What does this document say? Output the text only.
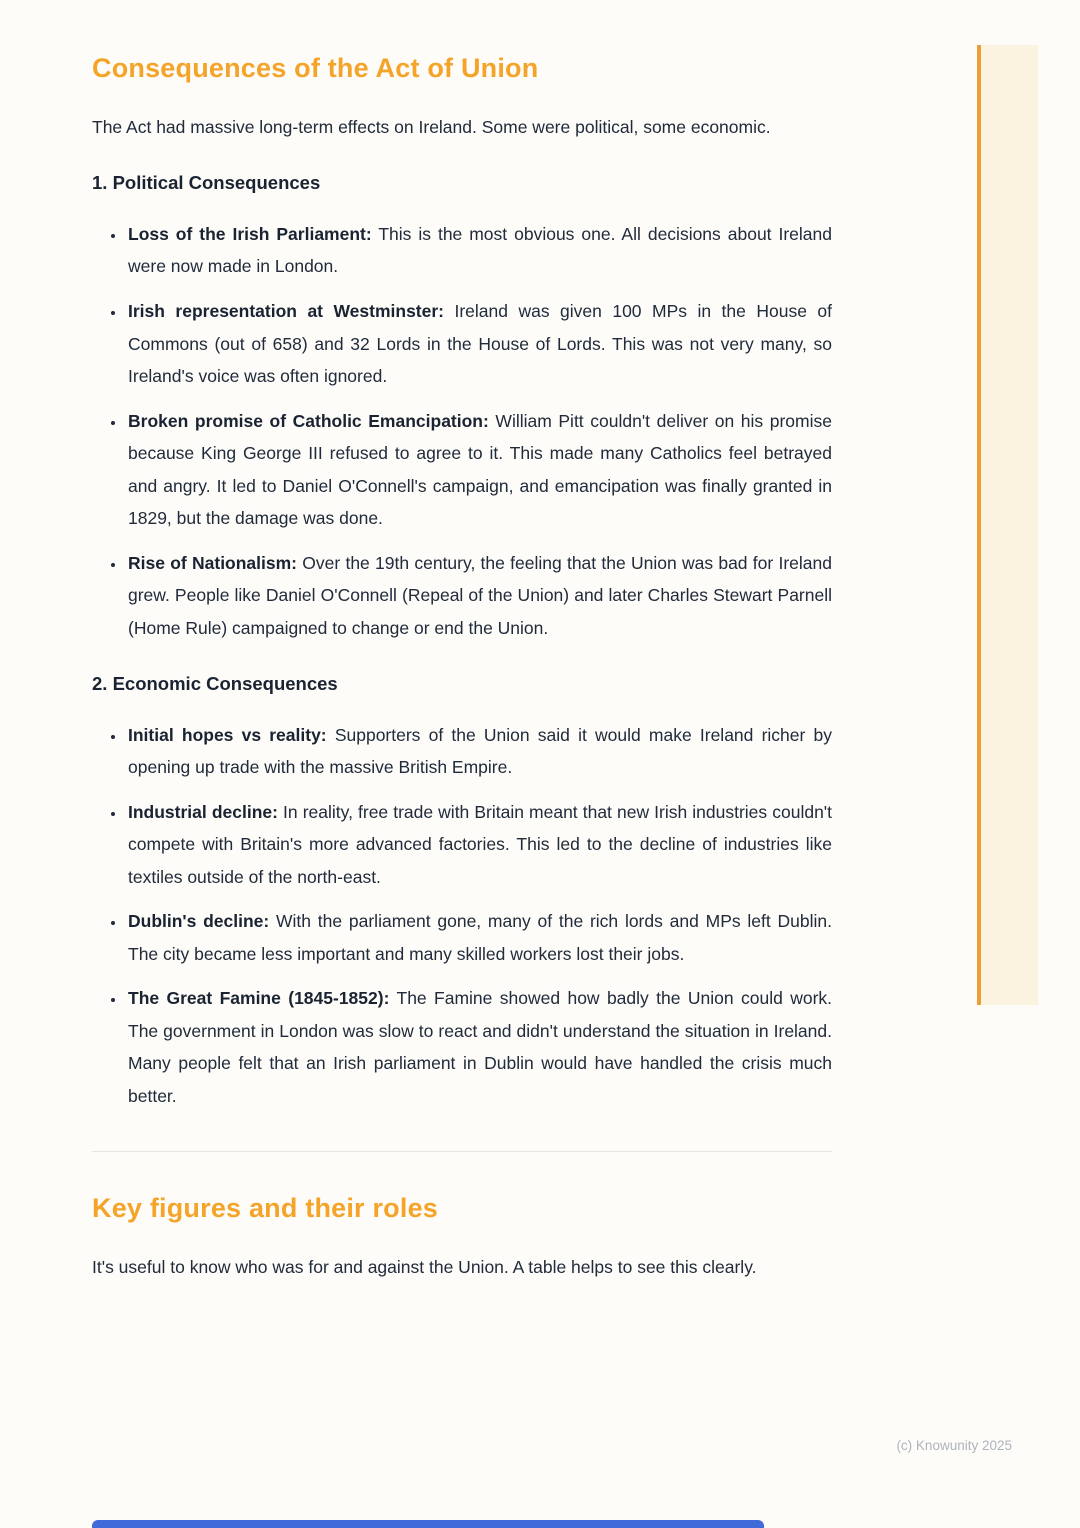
Consequences of the Act of Union

The Act had massive long-term effects on Ireland. Some were political, some economic.

1. Political Consequences
• Loss of the Irish Parliament: This is the most obvious one. All decisions about Ireland were now made in London.
• Irish representation at Westminster: Ireland was given 100 MPs in the House of Commons (out of 658) and 32 Lords in the House of Lords. This was not very many, so Ireland's voice was often ignored.
• Broken promise of Catholic Emancipation: William Pitt couldn't deliver on his promise because King George III refused to agree to it. This made many Catholics feel betrayed and angry. It led to Daniel O'Connell's campaign, and emancipation was finally granted in 1829, but the damage was done.
• Rise of Nationalism: Over the 19th century, the feeling that the Union was bad for Ireland grew. People like Daniel O'Connell (Repeal of the Union) and later Charles Stewart Parnell (Home Rule) campaigned to change or end the Union.
2. Economic Consequences
• Initial hopes vs reality: Supporters of the Union said it would make Ireland richer by opening up trade with the massive British Empire.
• Industrial decline: In reality, free trade with Britain meant that new Irish industries couldn't compete with Britain's more advanced factories. This led to the decline of industries like textiles outside of the north-east.
• Dublin's decline: With the parliament gone, many of the rich lords and MPs left Dublin. The city became less important and many skilled workers lost their jobs.
• The Great Famine (1845-1852): The Famine showed how badly the Union could work. The government in London was slow to react and didn't understand the situation in Ireland. Many people felt that an Irish parliament in Dublin would have handled the crisis much better.
Key figures and their roles

It's useful to know who was for and against the Union. A table helps to see this clearly.

(c) Knowunity 2025
